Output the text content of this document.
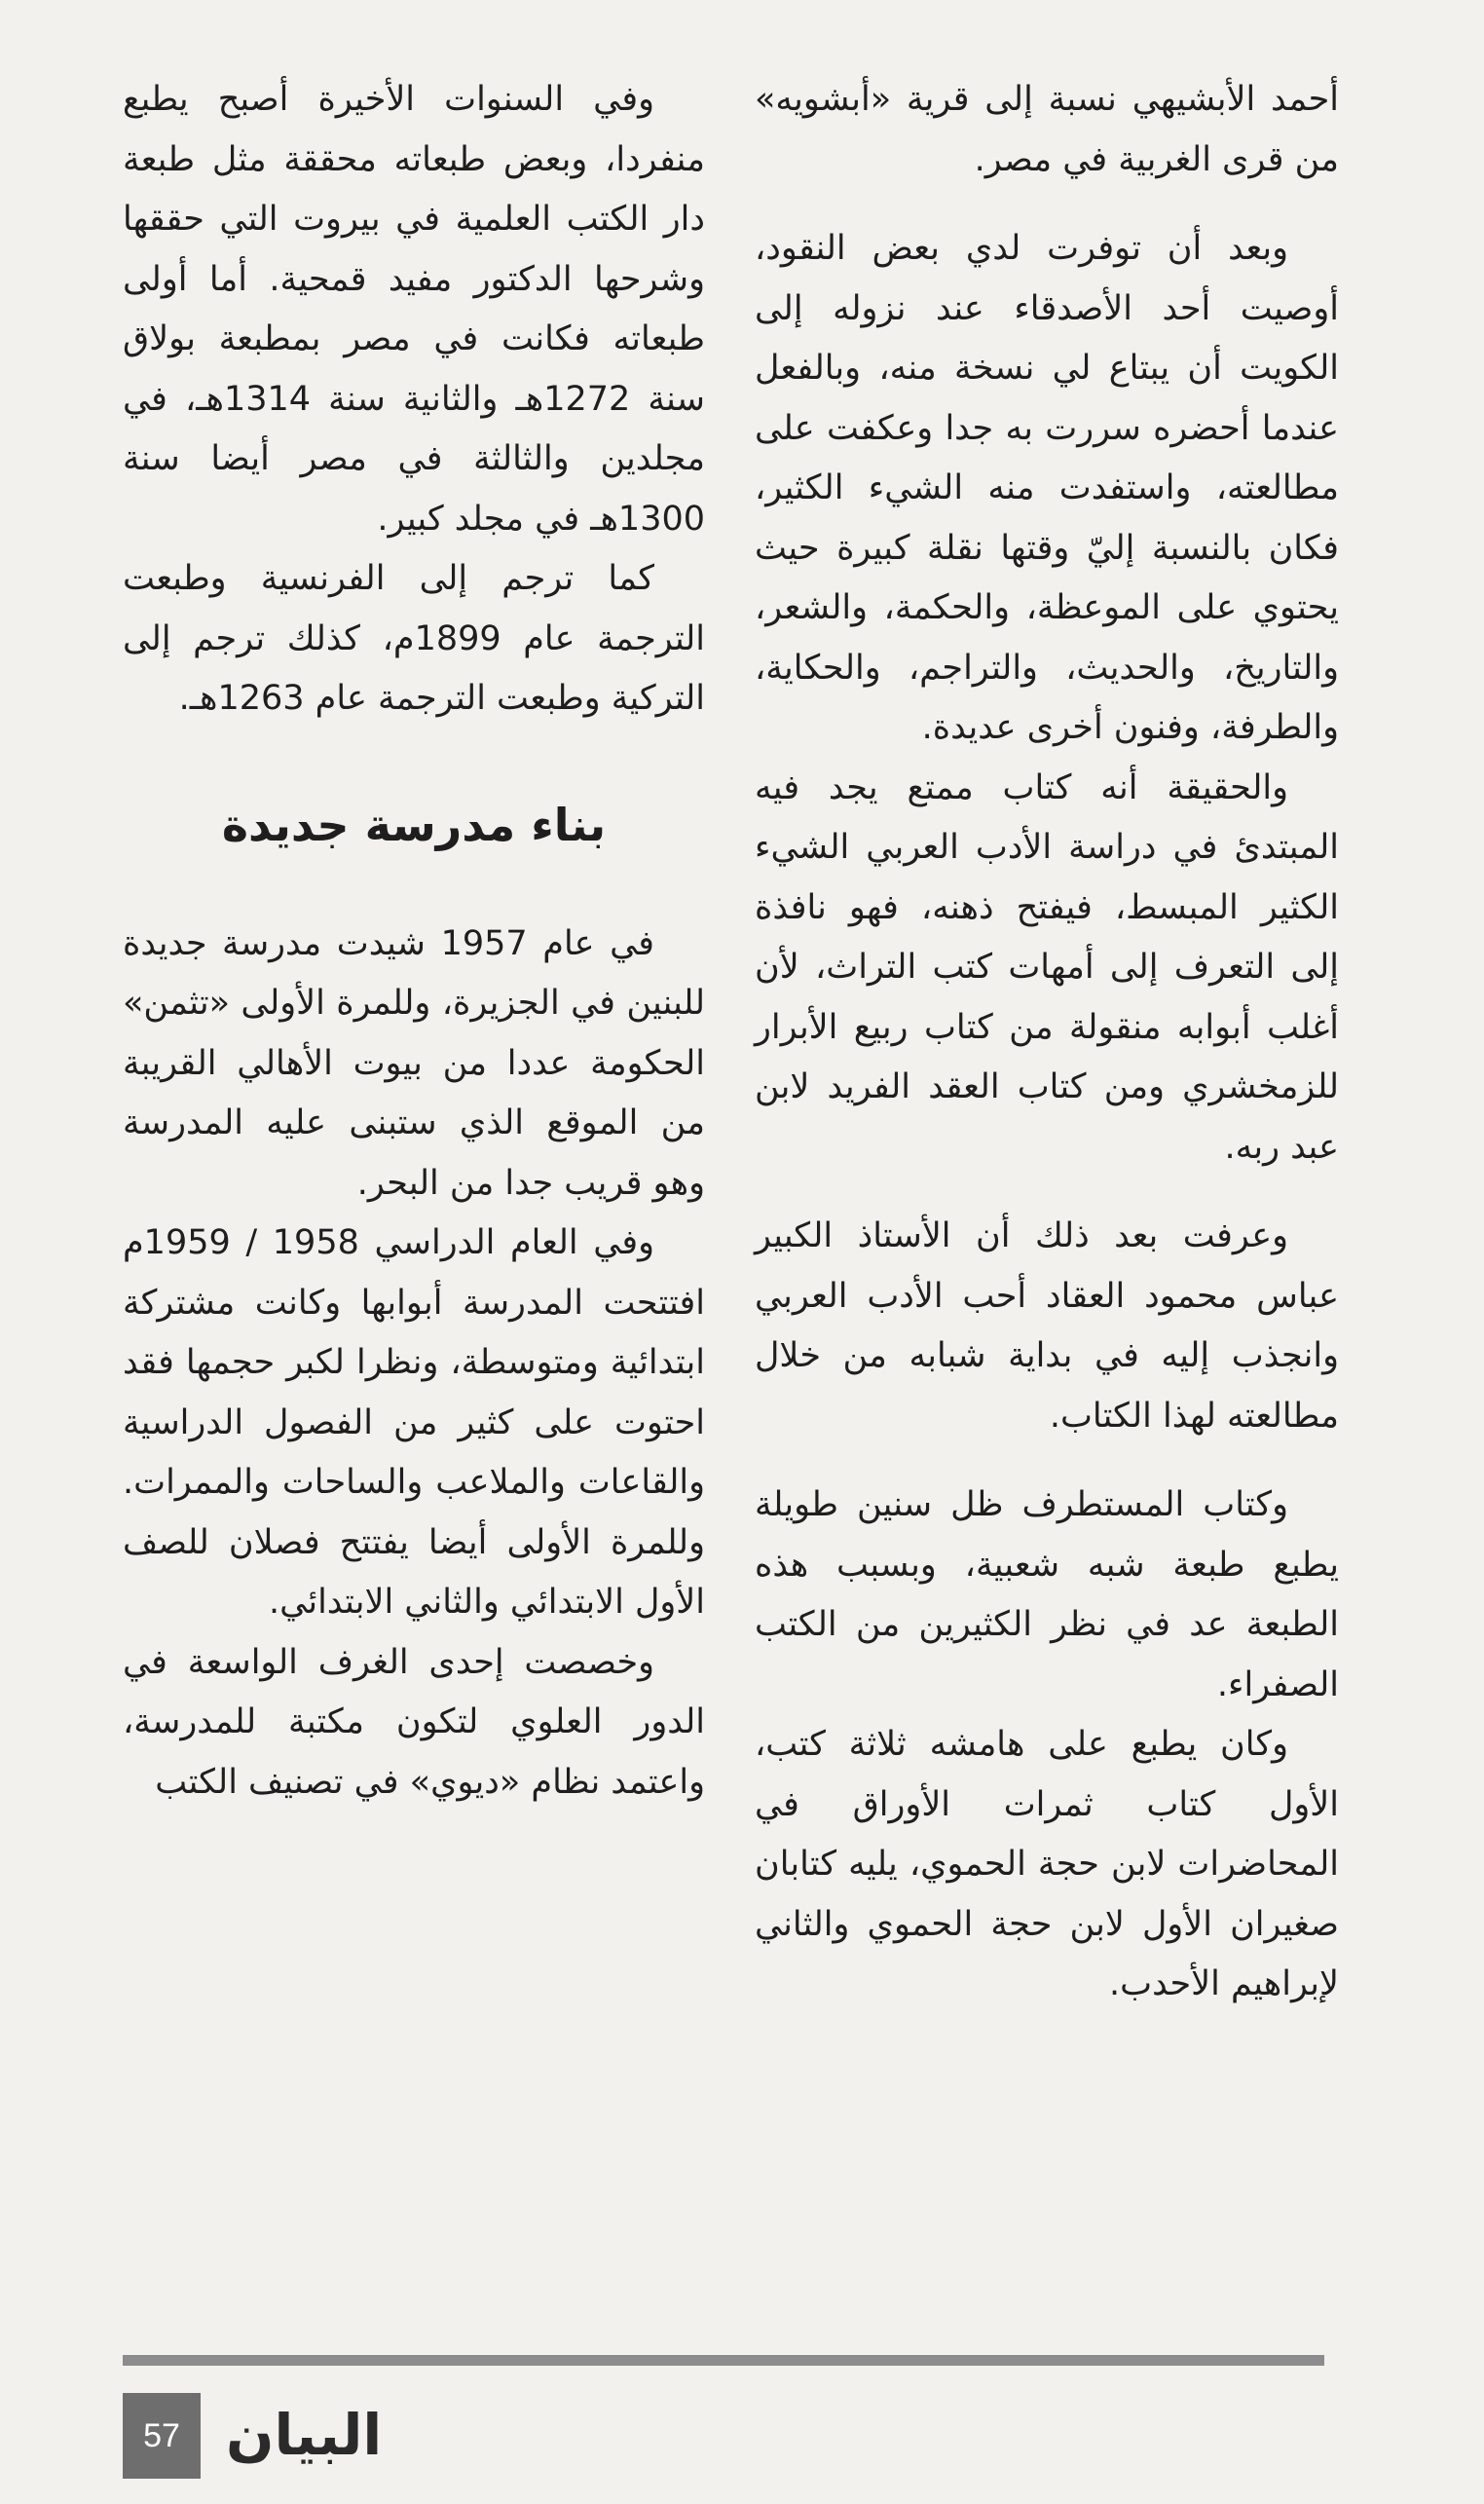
أحمد الأبشيهي نسبة إلى قرية «أبشويه» من قرى الغربية في مصر.

وبعد أن توفرت لدي بعض النقود، أوصيت أحد الأصدقاء عند نزوله إلى الكويت أن يبتاع لي نسخة منه، وبالفعل عندما أحضره سررت به جدا وعكفت على مطالعته، واستفدت منه الشيء الكثير، فكان بالنسبة إليّ وقتها نقلة كبيرة حيث يحتوي على الموعظة، والحكمة، والشعر، والتاريخ، والحديث، والتراجم، والحكاية، والطرفة، وفنون أخرى عديدة.

والحقيقة أنه كتاب ممتع يجد فيه المبتدئ في دراسة الأدب العربي الشيء الكثير المبسط، فيفتح ذهنه، فهو نافذة إلى التعرف إلى أمهات كتب التراث، لأن أغلب أبوابه منقولة من كتاب ربيع الأبرار للزمخشري ومن كتاب العقد الفريد لابن عبد ربه.

وعرفت بعد ذلك أن الأستاذ الكبير عباس محمود العقاد أحب الأدب العربي وانجذب إليه في بداية شبابه من خلال مطالعته لهذا الكتاب.

وكتاب المستطرف ظل سنين طويلة يطبع طبعة شبه شعبية، وبسبب هذه الطبعة عد في نظر الكثيرين من الكتب الصفراء.

وكان يطبع على هامشه ثلاثة كتب، الأول كتاب ثمرات الأوراق في المحاضرات لابن حجة الحموي، يليه كتابان صغيران الأول لابن حجة الحموي والثاني لإبراهيم الأحدب.

وفي السنوات الأخيرة أصبح يطبع منفردا، وبعض طبعاته محققة مثل طبعة دار الكتب العلمية في بيروت التي حققها وشرحها الدكتور مفيد قمحية. أما أولى طبعاته فكانت في مصر بمطبعة بولاق سنة 1272هـ والثانية سنة 1314هـ، في مجلدين والثالثة في مصر أيضا سنة 1300هـ في مجلد كبير.

كما ترجم إلى الفرنسية وطبعت الترجمة عام 1899م، كذلك ترجم إلى التركية وطبعت الترجمة عام 1263هـ.

بناء مدرسة جديدة

في عام 1957 شيدت مدرسة جديدة للبنين في الجزيرة، وللمرة الأولى «تثمن» الحكومة عددا من بيوت الأهالي القريبة من الموقع الذي ستبنى عليه المدرسة وهو قريب جدا من البحر.

وفي العام الدراسي 1958 / 1959م افتتحت المدرسة أبوابها وكانت مشتركة ابتدائية ومتوسطة، ونظرا لكبر حجمها فقد احتوت على كثير من الفصول الدراسية والقاعات والملاعب والساحات والممرات. وللمرة الأولى أيضا يفتتح فصلان للصف الأول الابتدائي والثاني الابتدائي.

وخصصت إحدى الغرف الواسعة في الدور العلوي لتكون مكتبة للمدرسة، واعتمد نظام «ديوي» في تصنيف الكتب

57 البيان
